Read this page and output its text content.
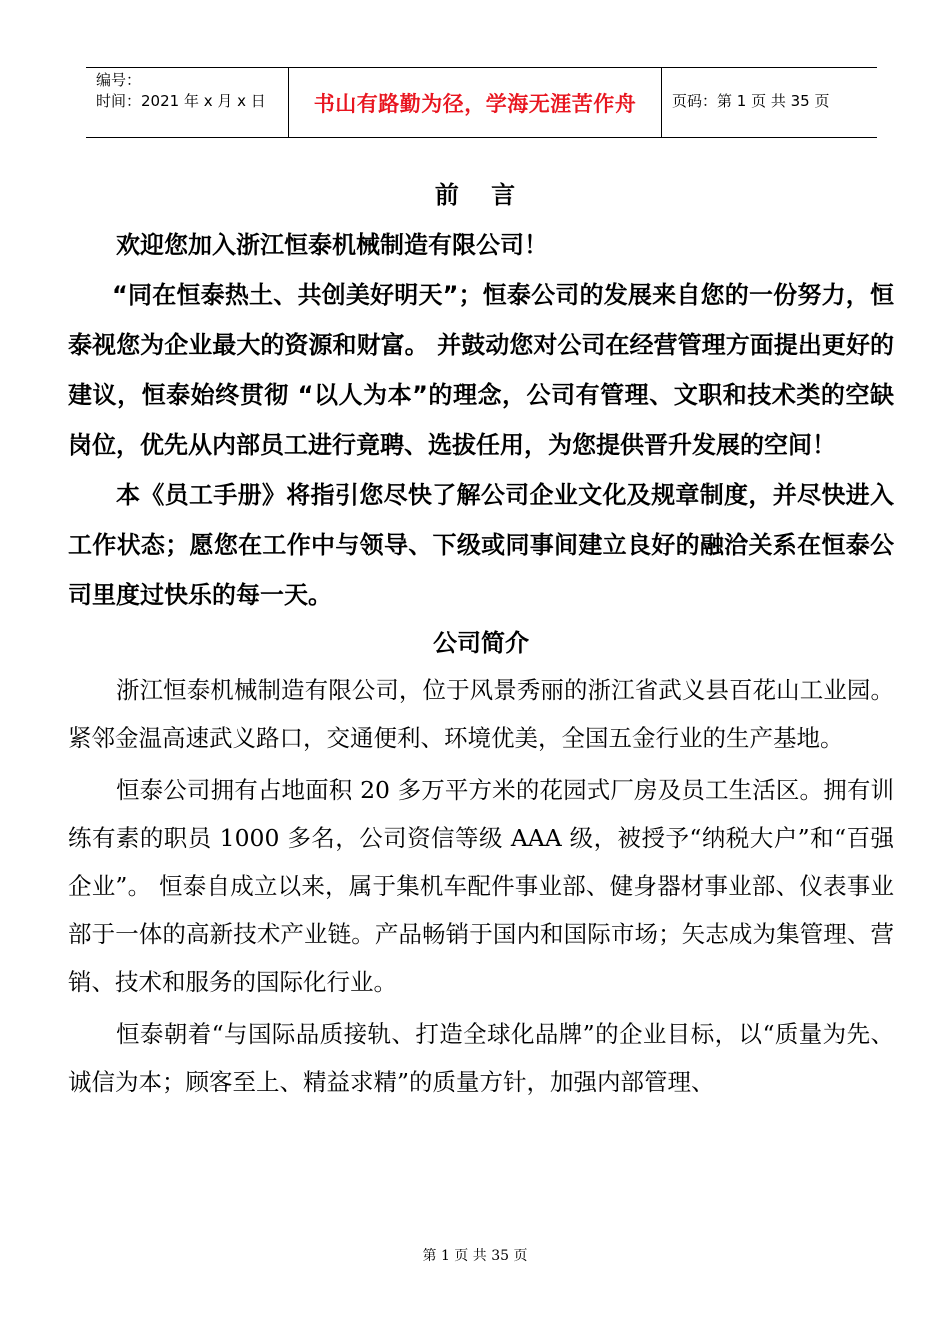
编号：
时间：2021 年 x 月 x 日	书山有路勤为径，学海无涯苦作舟	页码：第 1 页 共 35 页
前 言
欢迎您加入浙江恒泰机械制造有限公司！
“同在恒泰热土、共创美好明天”；恒泰公司的发展来自您的一份努力，恒泰视您为企业最大的资源和财富。 并鼓动您对公司在经营管理方面提出更好的建议，恒泰始终贯彻 “以人为本”的理念，公司有管理、文职和技术类的空缺岗位，优先从内部员工进行竟聘、选拔任用，为您提供晋升发展的空间！
本《员工手册》将指引您尽快了解公司企业文化及规章制度，并尽快进入工作状态；愿您在工作中与领导、下级或同事间建立良好的融洽关系在恒泰公司里度过快乐的每一天。
公司简介
浙江恒泰机械制造有限公司，位于风景秀丽的浙江省武义县百花山工业园。紧邻金温高速武义路口，交通便利、环境优美，全国五金行业的生产基地。
恒泰公司拥有占地面积 20 多万平方米的花园式厂房及员工生活区。拥有训练有素的职员 1000 多名，公司资信等级 AAA 级，被授予“纳税大户”和“百强企业”。 恒泰自成立以来，属于集机车配件事业部、健身器材事业部、仪表事业部于一体的高新技术产业链。产品畅销于国内和国际市场；矢志成为集管理、营销、技术和服务的国际化行业。
恒泰朝着“与国际品质接轨、打造全球化品牌”的企业目标，以“质量为先、诚信为本；顾客至上、精益求精”的质量方针，加强内部管理、
第 1 页 共 35 页
